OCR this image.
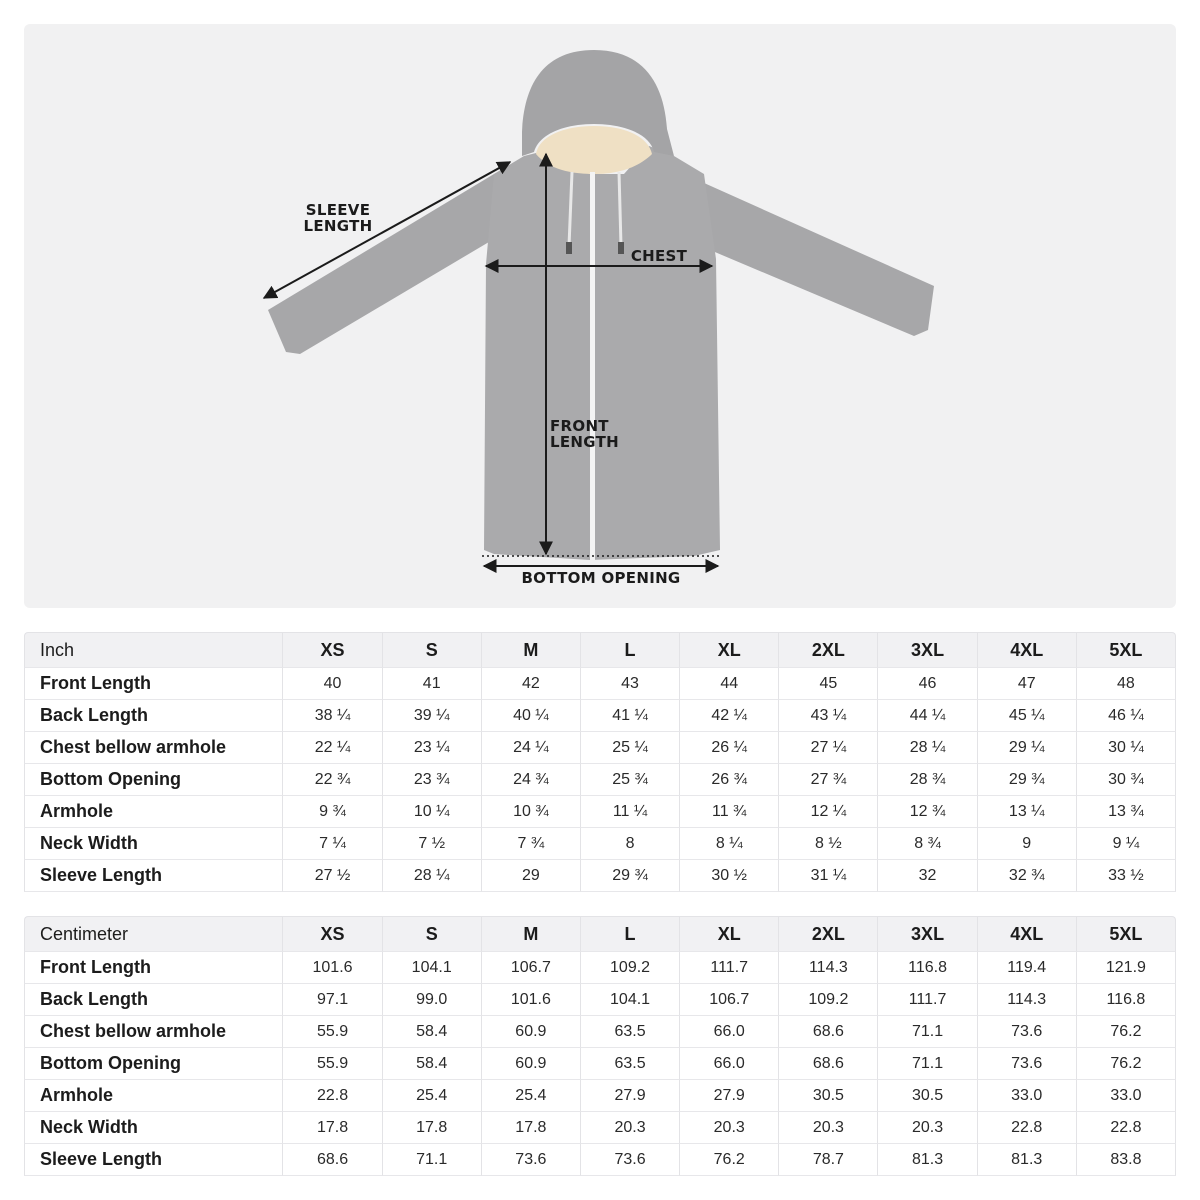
SLEEVE
LENGTH
CHEST
FRONT
LENGTH
BOTTOM OPENING
Inch	XS	S	M	L	XL	2XL	3XL	4XL	5XL
Front Length	40	41	42	43	44	45	46	47	48
Back Length	38 ¼	39 ¼	40 ¼	41 ¼	42 ¼	43 ¼	44 ¼	45 ¼	46 ¼
Chest bellow armhole	22 ¼	23 ¼	24 ¼	25 ¼	26 ¼	27 ¼	28 ¼	29 ¼	30 ¼
Bottom Opening	22 ¾	23 ¾	24 ¾	25 ¾	26 ¾	27 ¾	28 ¾	29 ¾	30 ¾
Armhole	9 ¾	10 ¼	10 ¾	11 ¼	11 ¾	12 ¼	12 ¾	13 ¼	13 ¾
Neck Width	7 ¼	7 ½	7 ¾	8	8 ¼	8 ½	8 ¾	9	9 ¼
Sleeve Length	27 ½	28 ¼	29	29 ¾	30 ½	31 ¼	32	32 ¾	33 ½
Centimeter	XS	S	M	L	XL	2XL	3XL	4XL	5XL
Front Length	101.6	104.1	106.7	109.2	111.7	114.3	116.8	119.4	121.9
Back Length	97.1	99.0	101.6	104.1	106.7	109.2	111.7	114.3	116.8
Chest bellow armhole	55.9	58.4	60.9	63.5	66.0	68.6	71.1	73.6	76.2
Bottom Opening	55.9	58.4	60.9	63.5	66.0	68.6	71.1	73.6	76.2
Armhole	22.8	25.4	25.4	27.9	27.9	30.5	30.5	33.0	33.0
Neck Width	17.8	17.8	17.8	20.3	20.3	20.3	20.3	22.8	22.8
Sleeve Length	68.6	71.1	73.6	73.6	76.2	78.7	81.3	81.3	83.8
